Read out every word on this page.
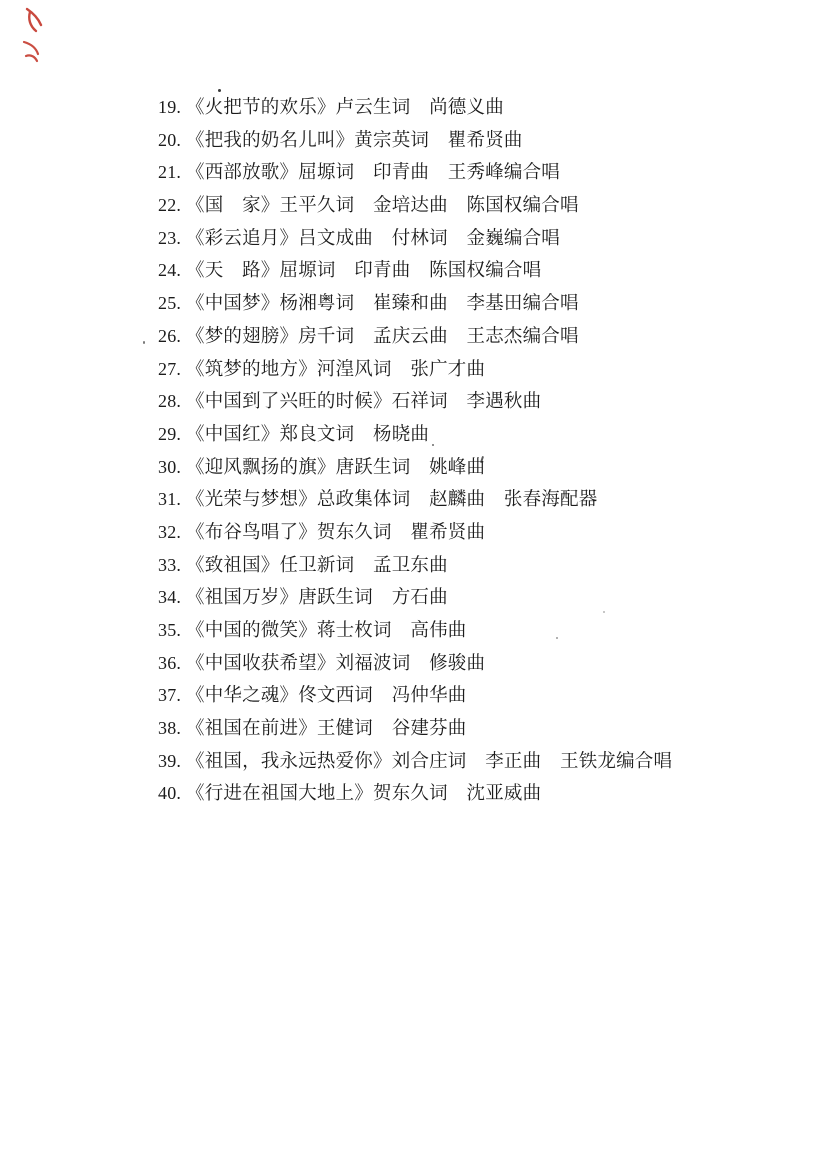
19. 《火把节的欢乐》卢云生词　尚德义曲
20. 《把我的奶名儿叫》黄宗英词　瞿希贤曲
21. 《西部放歌》屈塬词　印青曲　王秀峰编合唱
22. 《国　家》王平久词　金培达曲　陈国权编合唱
23. 《彩云追月》吕文成曲　付林词　金巍编合唱
24. 《天　路》屈塬词　印青曲　陈国权编合唱
25. 《中国梦》杨湘粤词　崔臻和曲　李基田编合唱
26. 《梦的翅膀》房千词　孟庆云曲　王志杰编合唱
27. 《筑梦的地方》河湟风词　张广才曲
28. 《中国到了兴旺的时候》石祥词　李遇秋曲
29. 《中国红》郑良文词　杨晓曲
30. 《迎风飘扬的旗》唐跃生词　姚峰曲
31. 《光荣与梦想》总政集体词　赵麟曲　张春海配器
32. 《布谷鸟唱了》贺东久词　瞿希贤曲
33. 《致祖国》任卫新词　孟卫东曲
34. 《祖国万岁》唐跃生词　方石曲
35. 《中国的微笑》蒋士枚词　高伟曲
36. 《中国收获希望》刘福波词　修骏曲
37. 《中华之魂》佟文西词　冯仲华曲
38. 《祖国在前进》王健词　谷建芬曲
39. 《祖国，我永远热爱你》刘合庄词　李正曲　王铁龙编合唱
40. 《行进在祖国大地上》贺东久词　沈亚威曲
